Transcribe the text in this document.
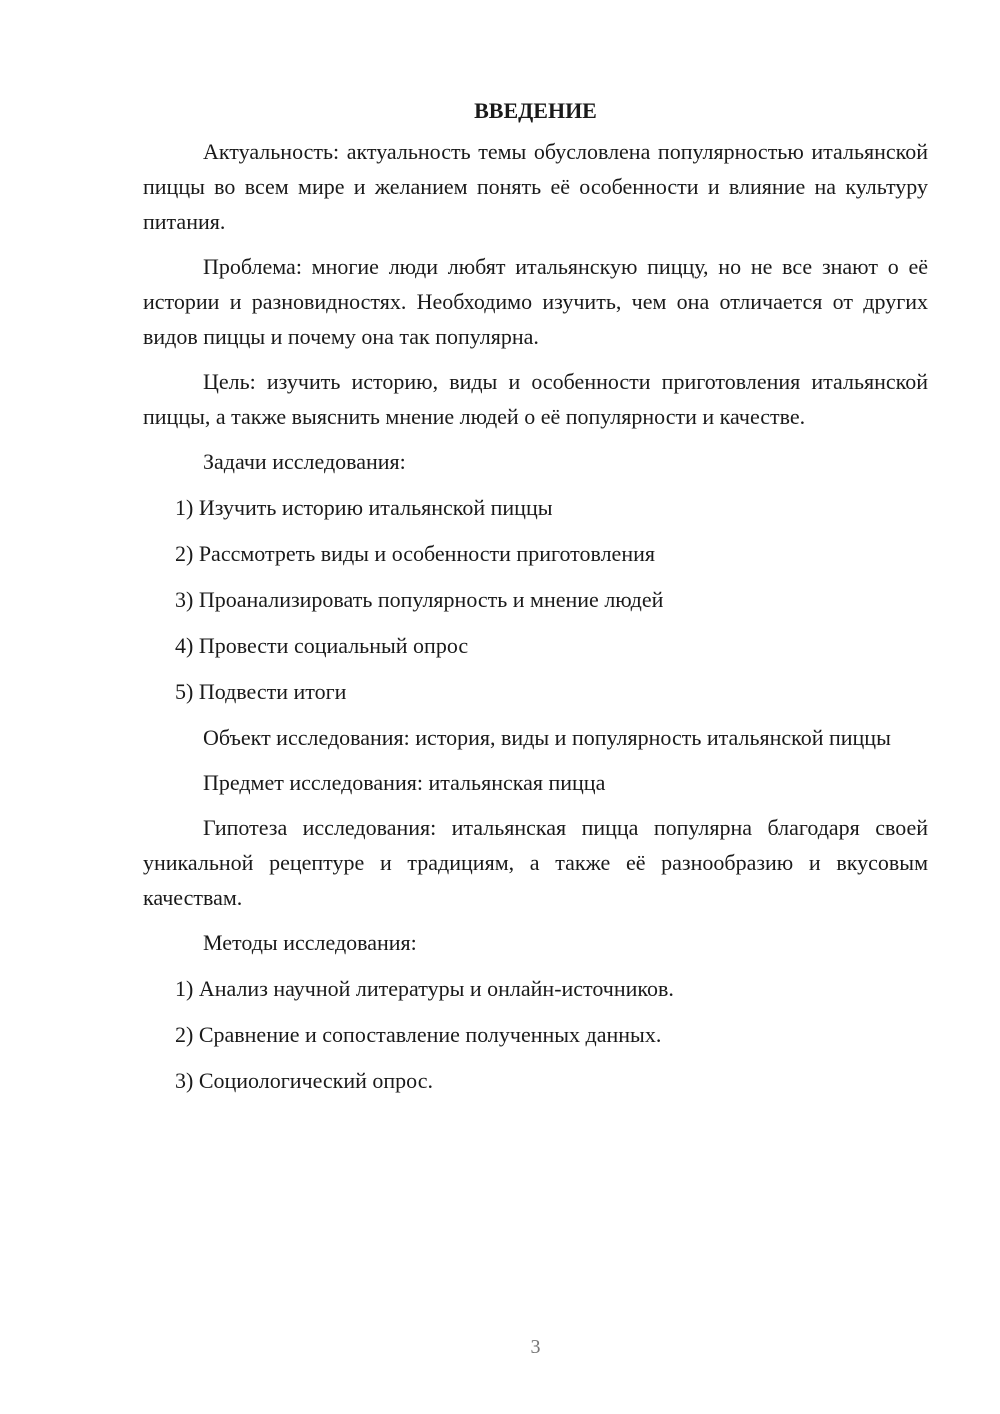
ВВЕДЕНИЕ

Актуальность: актуальность темы обусловлена популярностью итальянской пиццы во всем мире и желанием понять её особенности и влияние на культуру питания.

Проблема: многие люди любят итальянскую пиццу, но не все знают о её истории и разновидностях. Необходимо изучить, чем она отличается от других видов пиццы и почему она так популярна.

Цель: изучить историю, виды и особенности приготовления итальянской пиццы, а также выяснить мнение людей о её популярности и качестве.

Задачи исследования:

1) Изучить историю итальянской пиццы
2) Рассмотреть виды и особенности приготовления
3) Проанализировать популярность и мнение людей
4) Провести социальный опрос
5) Подвести итоги

Объект исследования: история, виды и популярность итальянской пиццы

Предмет исследования: итальянская пицца

Гипотеза исследования: итальянская пицца популярна благодаря своей уникальной рецептуре и традициям, а также её разнообразию и вкусовым качествам.

Методы исследования:

1) Анализ научной литературы и онлайн-источников.
2) Сравнение и сопоставление полученных данных.
3) Социологический опрос.
3
